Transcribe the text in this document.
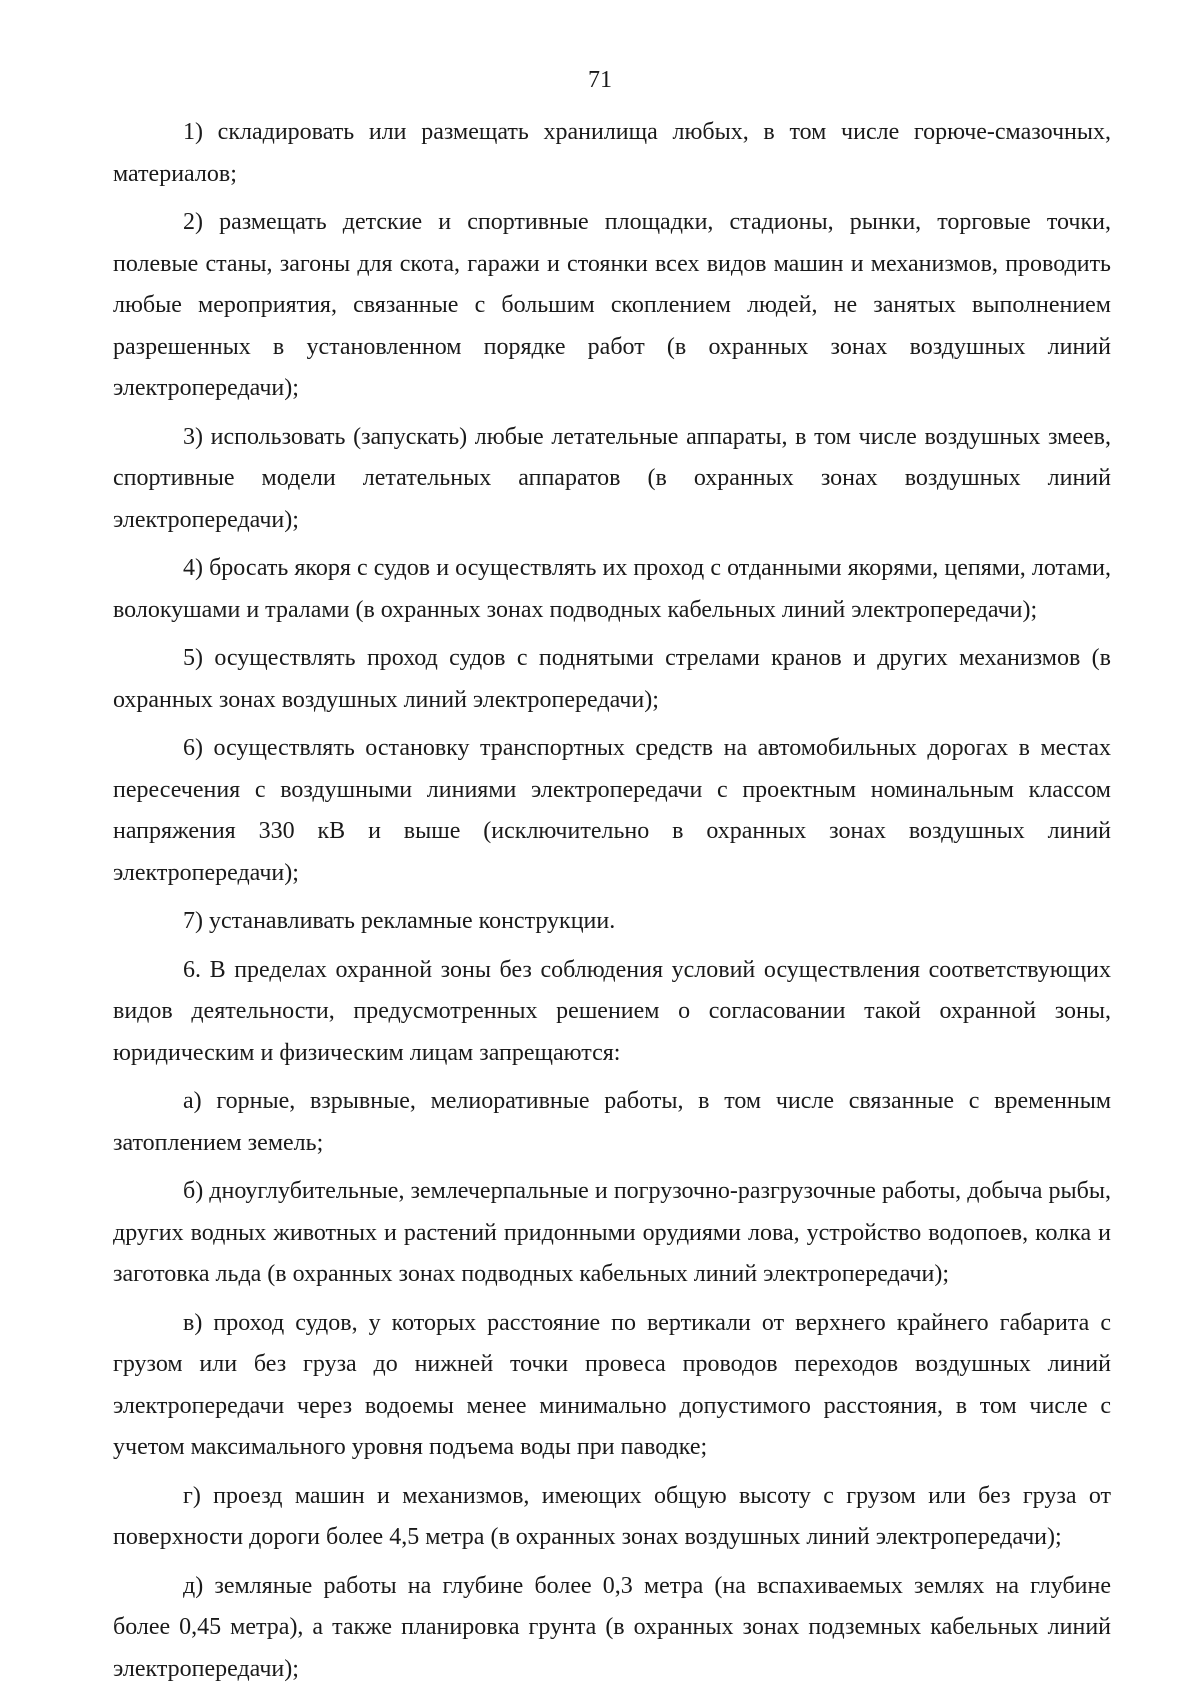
71

1) складировать или размещать хранилища любых, в том числе горюче-смазочных, материалов;

2) размещать детские и спортивные площадки, стадионы, рынки, торговые точки, полевые станы, загоны для скота, гаражи и стоянки всех видов машин и механизмов, проводить любые мероприятия, связанные с большим скоплением людей, не занятых выполнением разрешенных в установленном порядке работ (в охранных зонах воздушных линий электропередачи);

3) использовать (запускать) любые летательные аппараты, в том числе воздушных змеев, спортивные модели летательных аппаратов (в охранных зонах воздушных линий электропередачи);

4) бросать якоря с судов и осуществлять их проход с отданными якорями, цепями, лотами, волокушами и тралами (в охранных зонах подводных кабельных линий электропередачи);

5) осуществлять проход судов с поднятыми стрелами кранов и других механизмов (в охранных зонах воздушных линий электропередачи);

6) осуществлять остановку транспортных средств на автомобильных дорогах в местах пересечения с воздушными линиями электропередачи с проектным номинальным классом напряжения 330 кВ и выше (исключительно в охранных зонах воздушных линий электропередачи);

7) устанавливать рекламные конструкции.

6. В пределах охранной зоны без соблюдения условий осуществления соответствующих видов деятельности, предусмотренных решением о согласовании такой охранной зоны, юридическим и физическим лицам запрещаются:

а) горные, взрывные, мелиоративные работы, в том числе связанные с временным затоплением земель;

б) дноуглубительные, землечерпальные и погрузочно-разгрузочные работы, добыча рыбы, других водных животных и растений придонными орудиями лова, устройство водопоев, колка и заготовка льда (в охранных зонах подводных кабельных линий электропередачи);

в) проход судов, у которых расстояние по вертикали от верхнего крайнего габарита с грузом или без груза до нижней точки провеса проводов переходов воздушных линий электропередачи через водоемы менее минимально допустимого расстояния, в том числе с учетом максимального уровня подъема воды при паводке;

г) проезд машин и механизмов, имеющих общую высоту с грузом или без груза от поверхности дороги более 4,5 метра (в охранных зонах воздушных линий электропередачи);

д) земляные работы на глубине более 0,3 метра (на вспахиваемых землях на глубине более 0,45 метра), а также планировка грунта (в охранных зонах подземных кабельных линий электропередачи);
